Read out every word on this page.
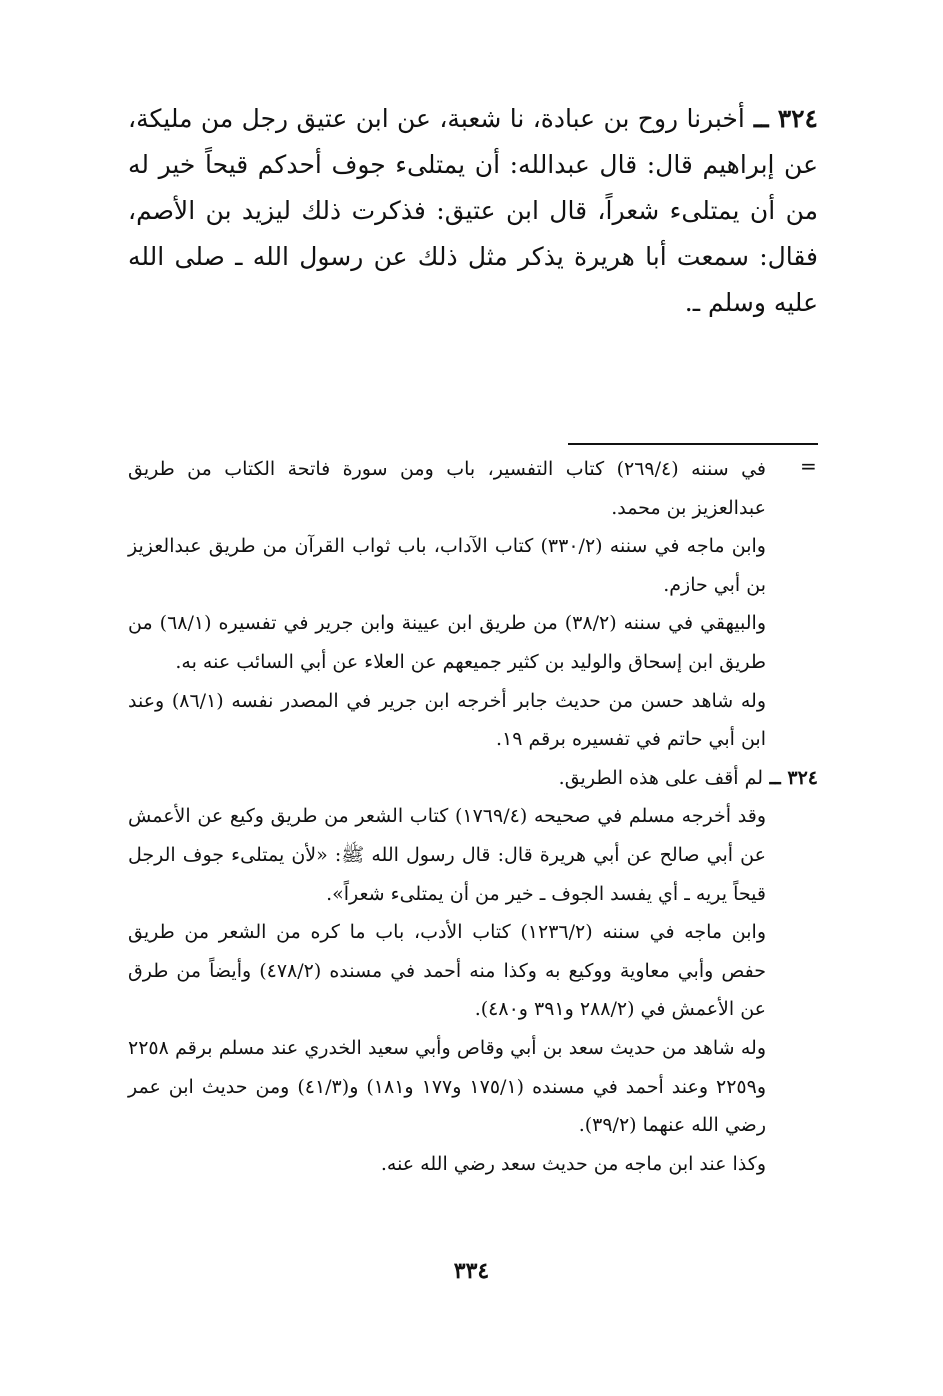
٣٢٤ ــ أخبرنا روح بن عبادة، نا شعبة، عن ابن عتيق رجل من مليكة، عن إبراهيم قال: قال عبدالله: أن يمتلىء جوف أحدكم قيحاً خير له من أن يمتلىء شعراً، قال ابن عتيق: فذكرت ذلك ليزيد بن الأصم، فقال: سمعت أبا هريرة يذكر مثل ذلك عن رسول الله ـ صلى الله عليه وسلم ـ.
=

في سننه (٢٦٩/٤) كتاب التفسير، باب ومن سورة فاتحة الكتاب من طريق عبدالعزيز بن محمد.

وابن ماجه في سننه (٣٣٠/٢) كتاب الآداب، باب ثواب القرآن من طريق عبدالعزيز بن أبي حازم.

والبيهقي في سننه (٣٨/٢) من طريق ابن عيينة وابن جرير في تفسيره (٦٨/١) من طريق ابن إسحاق والوليد بن كثير جميعهم عن العلاء عن أبي السائب عنه به.

وله شاهد حسن من حديث جابر أخرجه ابن جرير في المصدر نفسه (٨٦/١) وعند ابن أبي حاتم في تفسيره برقم ١٩.

٣٢٤ ــ لم أقف على هذه الطريق.

وقد أخرجه مسلم في صحيحه (١٧٦٩/٤) كتاب الشعر من طريق وكيع عن الأعمش عن أبي صالح عن أبي هريرة قال: قال رسول الله ﷺ: «لأن يمتلىء جوف الرجل قيحاً يريه ـ أي يفسد الجوف ـ خير من أن يمتلىء شعراً».

وابن ماجه في سننه (١٢٣٦/٢) كتاب الأدب، باب ما كره من الشعر من طريق حفص وأبي معاوية ووكيع به وكذا منه أحمد في مسنده (٤٧٨/٢) وأيضاً من طرق عن الأعمش في (٢٨٨/٢ و٣٩١ و٤٨٠).

وله شاهد من حديث سعد بن أبي وقاص وأبي سعيد الخدري عند مسلم برقم ٢٢٥٨ و٢٢٥٩ وعند أحمد في مسنده (١٧٥/١ و١٧٧ و١٨١) و(٤١/٣) ومن حديث ابن عمر رضي الله عنهما (٣٩/٢).

وكذا عند ابن ماجه من حديث سعد رضي الله عنه.

٣٣٤
